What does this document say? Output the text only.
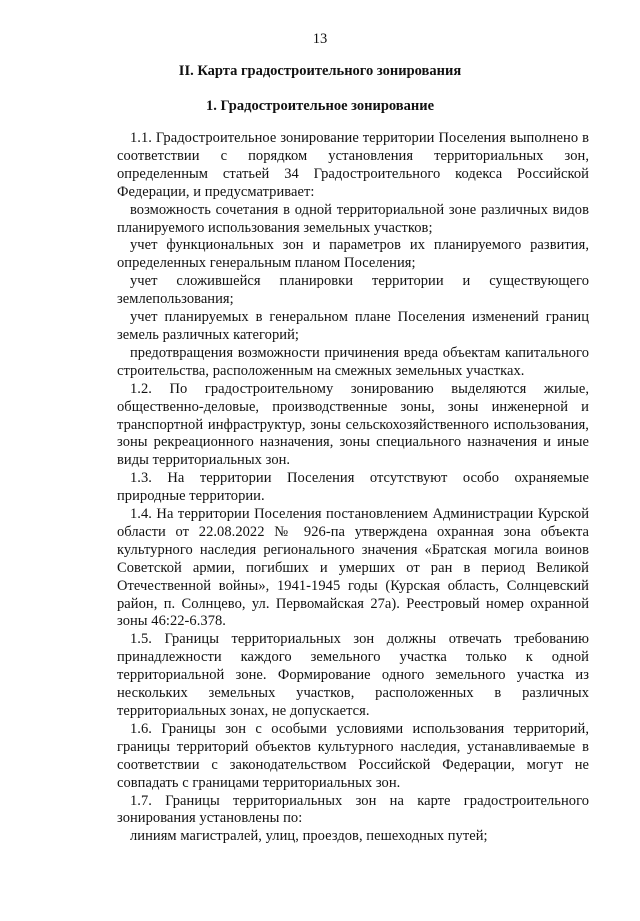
13
II. Карта градостроительного зонирования
1. Градостроительное зонирование

1.1. Градостроительное зонирование территории Поселения выполнено в соответствии с порядком установления территориальных зон, определенным статьей 34 Градостроительного кодекса Российской Федерации, и предусматривает:

возможность сочетания в одной территориальной зоне различных видов планируемого использования земельных участков;

учет функциональных зон и параметров их планируемого развития, определенных генеральным планом Поселения;

учет сложившейся планировки территории и существующего землепользования;

учет планируемых в генеральном плане Поселения изменений границ земель различных категорий;

предотвращения возможности причинения вреда объектам капитального строительства, расположенным на смежных земельных участках.

1.2. По градостроительному зонированию выделяются жилые, общественно-деловые, производственные зоны, зоны инженерной и транспортной инфраструктур, зоны сельскохозяйственного использования, зоны рекреационного назначения, зоны специального назначения и иные виды территориальных зон.

1.3. На территории Поселения отсутствуют особо охраняемые природные территории.

1.4. На территории Поселения постановлением Администрации Курской области от 22.08.2022 № 926-па утверждена охранная зона объекта культурного наследия регионального значения «Братская могила воинов Советской армии, погибших и умерших от ран в период Великой Отечественной войны», 1941-1945 годы (Курская область, Солнцевский район, п. Солнцево, ул. Первомайская 27а). Реестровый номер охранной зоны 46:22-6.378.

1.5. Границы территориальных зон должны отвечать требованию принадлежности каждого земельного участка только к одной территориальной зоне. Формирование одного земельного участка из нескольких земельных участков, расположенных в различных территориальных зонах, не допускается.

1.6. Границы зон с особыми условиями использования территорий, границы территорий объектов культурного наследия, устанавливаемые в соответствии с законодательством Российской Федерации, могут не совпадать с границами территориальных зон.

1.7. Границы территориальных зон на карте градостроительного зонирования установлены по:

линиям магистралей, улиц, проездов, пешеходных путей;
